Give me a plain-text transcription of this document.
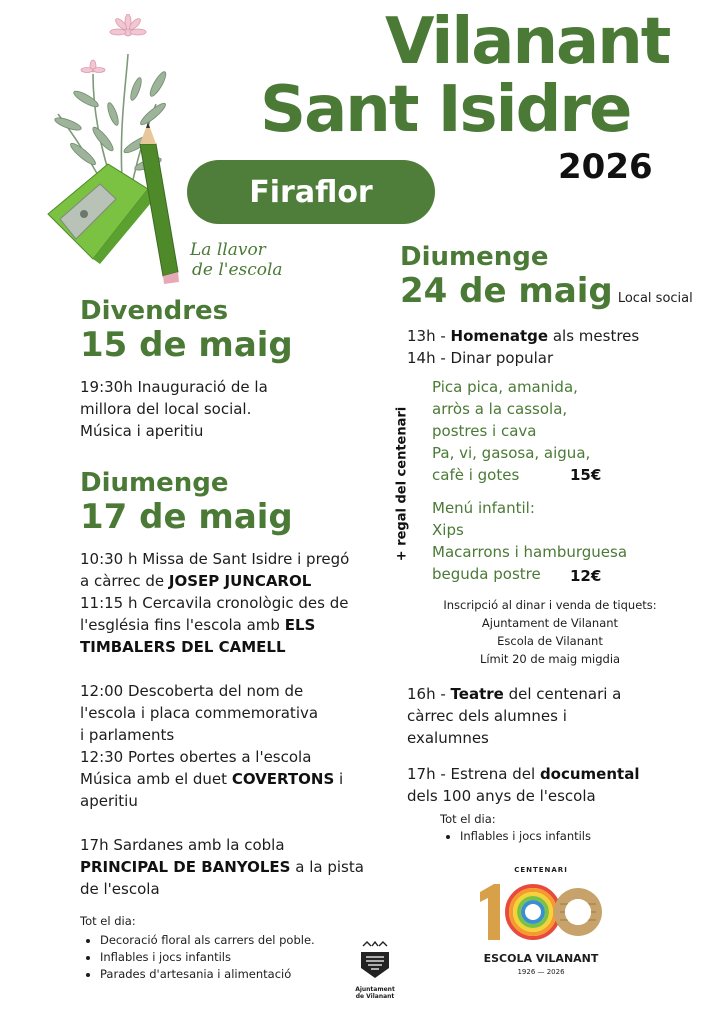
Vilanant
Sant Isidre
2026
Firaflor
La llavor
de l'escola
Divendres
15 de maig
19:30h Inauguració de la
millora del local social.
Música i aperitiu
Diumenge
17 de maig
10:30 h Missa de Sant Isidre i pregó
a càrrec de JOSEP JUNCAROL
11:15 h Cercavila cronològic des de
l'església fins l'escola amb ELS
TIMBALERS DEL CAMELL
12:00 Descoberta del nom de
l'escola i placa commemorativa
i parlaments
12:30 Portes obertes a l'escola
Música amb el duet COVERTONS i
aperitiu
17h Sardanes amb la cobla
PRINCIPAL DE BANYOLES a la pista
de l'escola
Tot el dia:
• Decoració floral als carrers del poble.
• Inflables i jocs infantils
• Parades d'artesania i alimentació
Diumenge
24 de maig Local social
13h - Homenatge als mestres
14h - Dinar popular
+ regal del centenari
Pica pica, amanida,
arròs a la cassola,
postres i cava
Pa, vi, gasosa, aigua,
cafè i gotes	15€
Menú infantil:
Xips
Macarrons i hamburguesa
beguda postre	12€
Inscripció al dinar i venda de tiquets:
Ajuntament de Vilanant
Escola de Vilanant
Límit 20 de maig migdia
16h - Teatre del centenari a
càrrec dels alumnes i
exalumnes
17h - Estrena del documental
dels 100 anys de l'escola
Tot el dia:
• Inflables i jocs infantils
Ajuntament
de Vilanant
CENTENARI
ESCOLA VILANANT
1926 — 2026
